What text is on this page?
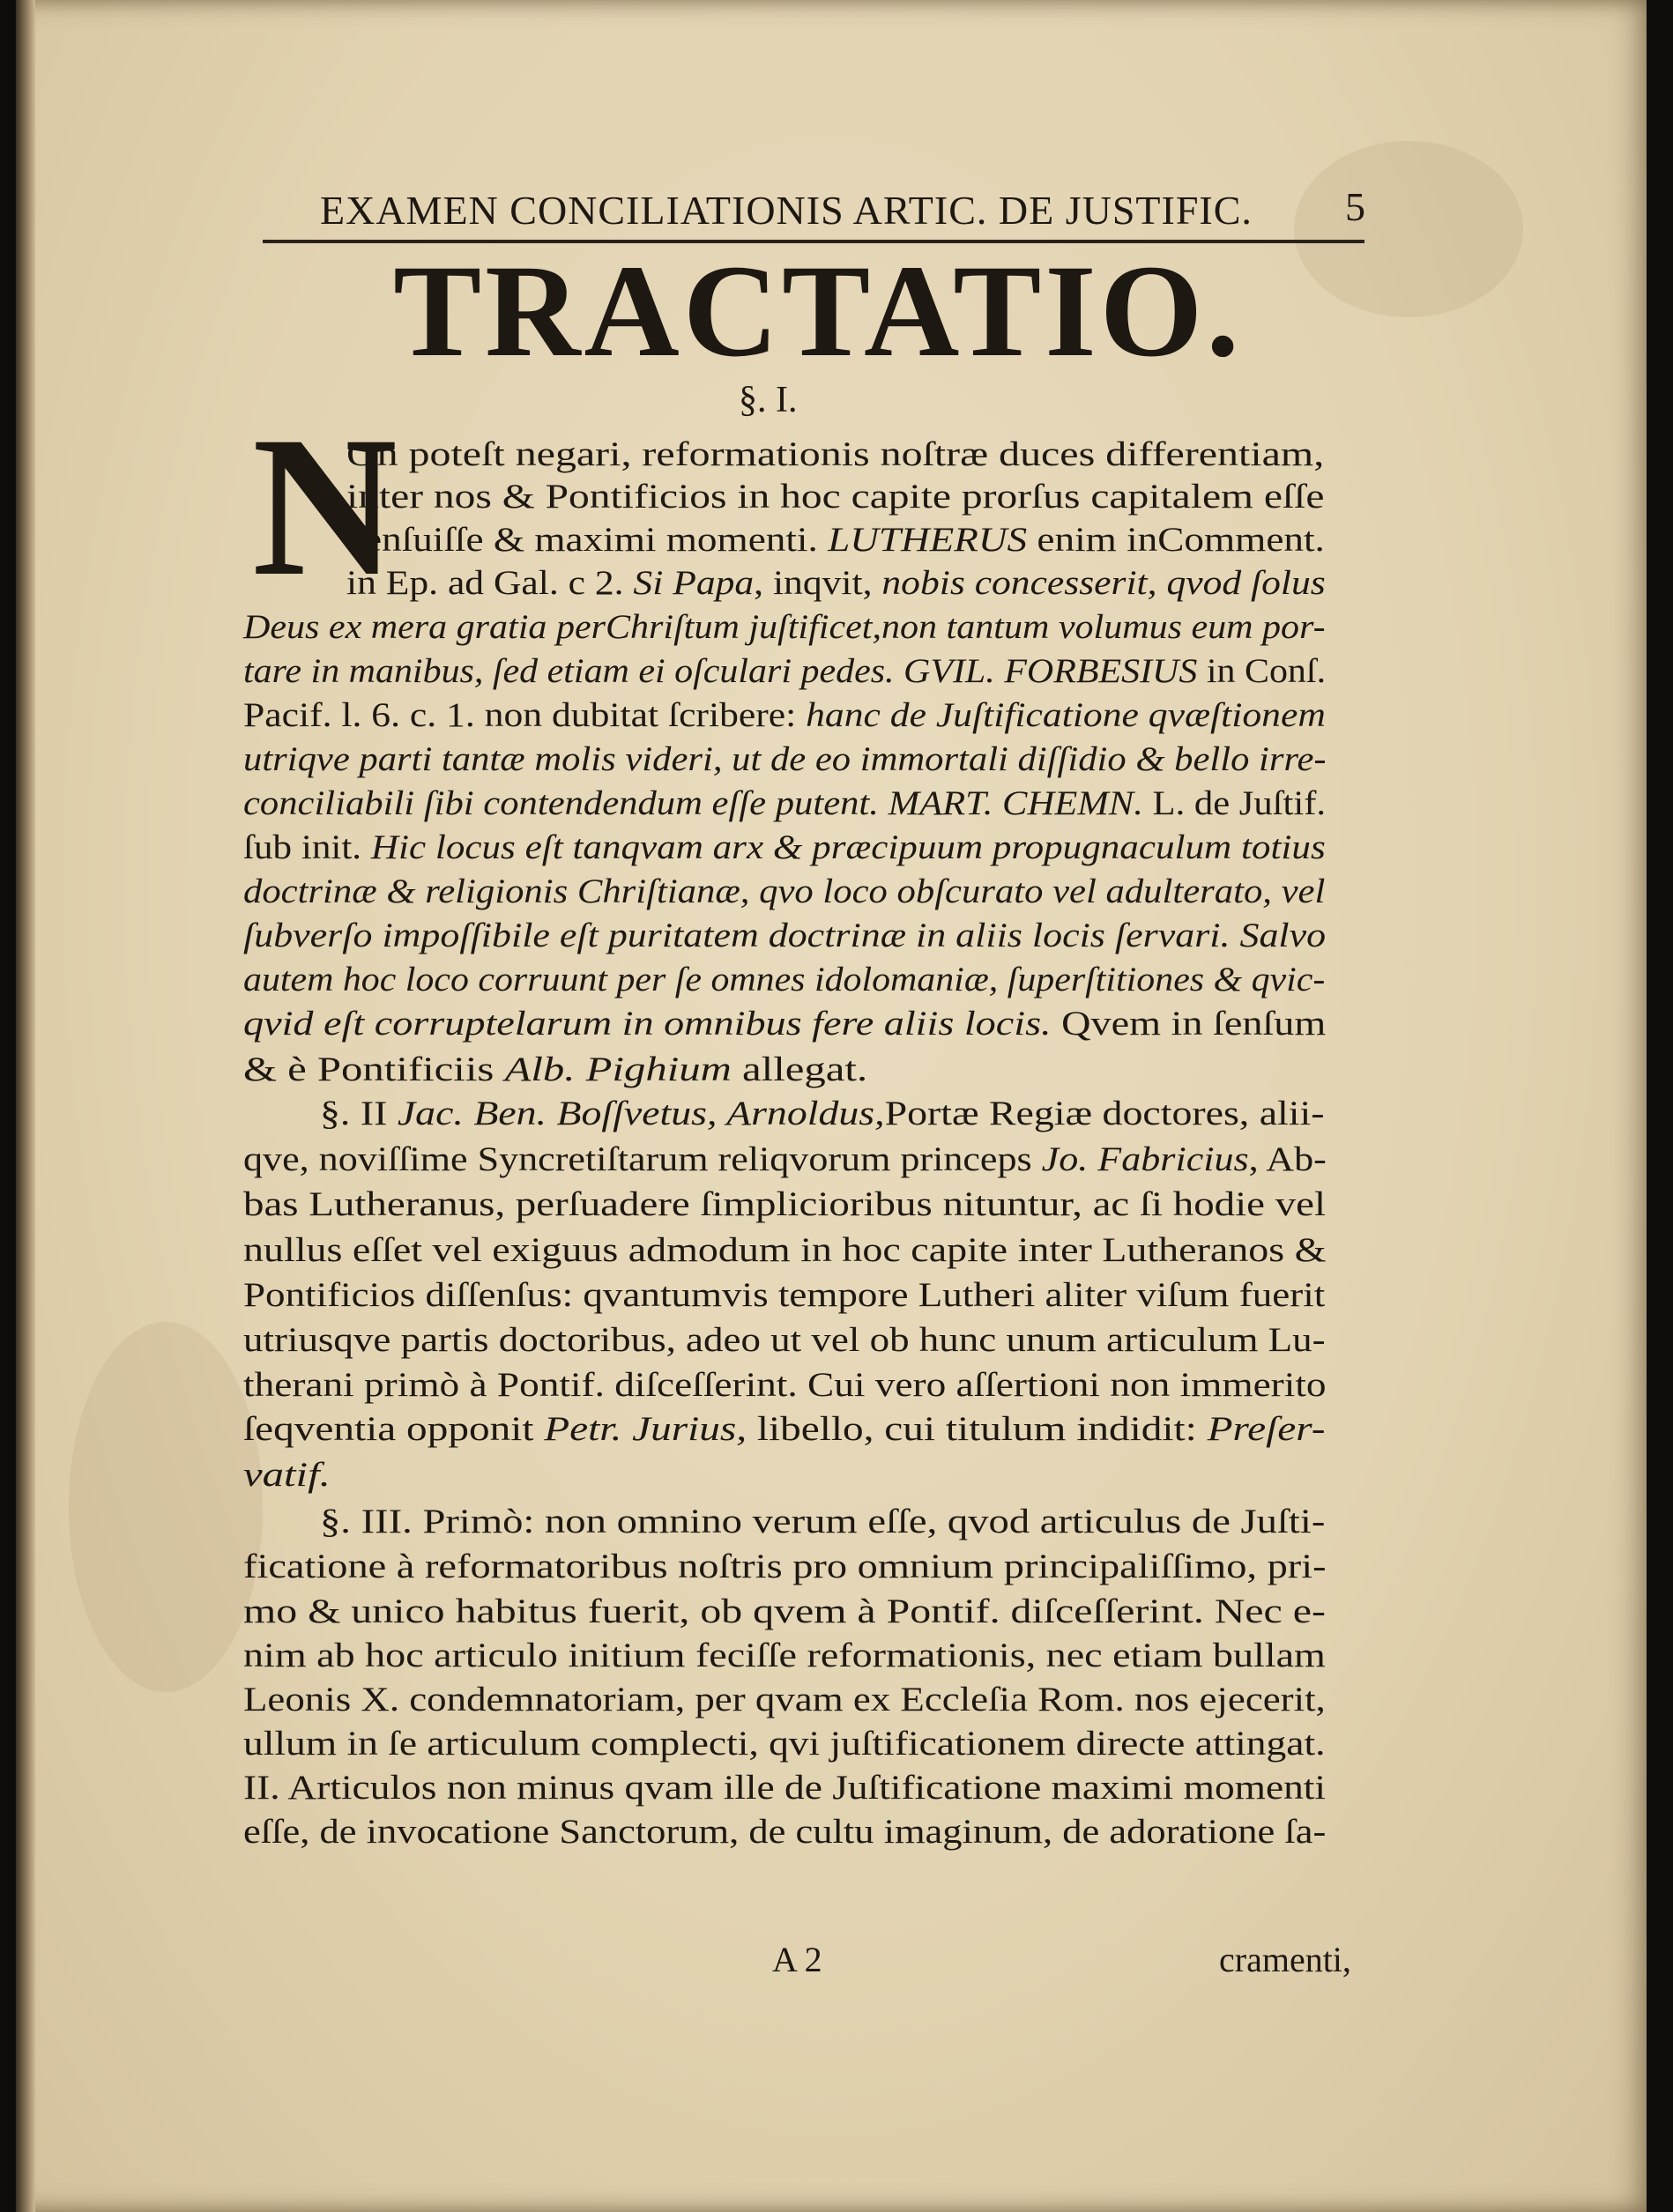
EXAMEN CONCILIATIONIS ARTIC. DE JUSTIFIC.	5
TRACTATIO.
§. I.
N
On poteſt negari, reformationis noſtræ duces differentiam,
inter nos & Pontificios in hoc capite prorſus capitalem eſſe
cenſuiſſe & maximi momenti. LUTHERUS enim inComment.
in Ep. ad Gal. c 2. Si Papa, inqvit, nobis concesserit, qvod ſolus
Deus ex mera gratia perChriſtum juſtificet,non tantum volumus eum por-
tare in manibus, ſed etiam ei oſculari pedes. GVIL. FORBESIUS in Conſ.
Pacif. l. 6. c. 1. non dubitat ſcribere: hanc de Juſtificatione qvæſtionem
utriqve parti tantæ molis videri, ut de eo immortali diſſidio & bello irre-
conciliabili ſibi contendendum eſſe putent. MART. CHEMN. L. de Juſtif.
ſub init. Hic locus eſt tanqvam arx & præcipuum propugnaculum totius
doctrinæ & religionis Chriſtianæ, qvo loco obſcurato vel adulterato, vel
ſubverſo impoſſibile eſt puritatem doctrinæ in aliis locis ſervari. Salvo
autem hoc loco corruunt per ſe omnes idolomaniæ, ſuperſtitiones & qvic-
qvid eſt corruptelarum in omnibus fere aliis locis. Qvem in ſenſum
& è Pontificiis Alb. Pighium allegat.
§. II Jac. Ben. Boſſvetus, Arnoldus,Portæ Regiæ doctores, alii-
qve, noviſſime Syncretiſtarum reliqvorum princeps Jo. Fabricius, Ab-
bas Lutheranus, perſuadere ſimplicioribus nituntur, ac ſi hodie vel
nullus eſſet vel exiguus admodum in hoc capite inter Lutheranos &
Pontificios diſſenſus: qvantumvis tempore Lutheri aliter viſum fuerit
utriusqve partis doctoribus, adeo ut vel ob hunc unum articulum Lu-
therani primò à Pontif. diſceſſerint. Cui vero aſſertioni non immerito
ſeqventia opponit Petr. Jurius, libello, cui titulum indidit: Preſer-
vatif.
§. III. Primò: non omnino verum eſſe, qvod articulus de Juſti-
ficatione à reformatoribus noſtris pro omnium principaliſſimo, pri-
mo & unico habitus fuerit, ob qvem à Pontif. diſceſſerint. Nec e-
nim ab hoc articulo initium feciſſe reformationis, nec etiam bullam
Leonis X. condemnatoriam, per qvam ex Eccleſia Rom. nos ejecerit,
ullum in ſe articulum complecti, qvi juſtificationem directe attingat.
II. Articulos non minus qvam ille de Juſtificatione maximi momenti
eſſe, de invocatione Sanctorum, de cultu imaginum, de adoratione ſa-
A 2	cramenti,
